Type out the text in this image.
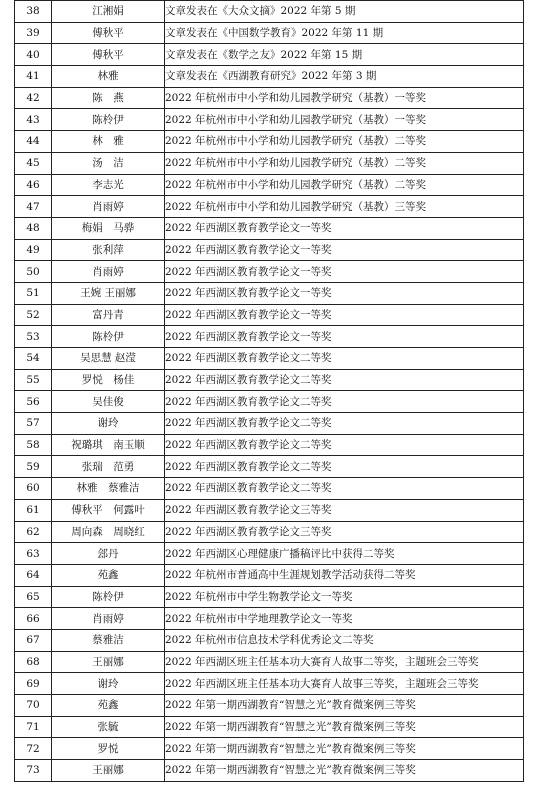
38	江湘娟	文章发表在《大众文摘》2022 年第 5 期
39	傅秋平	文章发表在《中国数学教育》2022 年第 11 期
40	傅秋平	文章发表在《数学之友》2022 年第 15 期
41	林雅	文章发表在《西湖教育研究》2022 年第 3 期
42	陈　燕	2022 年杭州市中小学和幼儿园教学研究（基教）一等奖
43	陈柃伊	2022 年杭州市中小学和幼儿园教学研究（基教）一等奖
44	林　雅	2022 年杭州市中小学和幼儿园教学研究（基教）二等奖
45	汤　洁	2022 年杭州市中小学和幼儿园教学研究（基教）二等奖
46	李志光	2022 年杭州市中小学和幼儿园教学研究（基教）二等奖
47	肖雨婷	2022 年杭州市中小学和幼儿园教学研究（基教）三等奖
48	梅娟　马骅	2022 年西湖区教育教学论文一等奖
49	张利萍	2022 年西湖区教育教学论文一等奖
50	肖雨婷	2022 年西湖区教育教学论文一等奖
51	王婉 王丽娜	2022 年西湖区教育教学论文一等奖
52	富丹青	2022 年西湖区教育教学论文一等奖
53	陈柃伊	2022 年西湖区教育教学论文一等奖
54	吴思慧 赵滢	2022 年西湖区教育教学论文二等奖
55	罗悦　杨佳	2022 年西湖区教育教学论文二等奖
56	吴佳俊	2022 年西湖区教育教学论文二等奖
57	谢玲	2022 年西湖区教育教学论文二等奖
58	祝璐琪　南玉顺	2022 年西湖区教育教学论文二等奖
59	张瑞　范勇	2022 年西湖区教育教学论文二等奖
60	林雅　蔡雅洁	2022 年西湖区教育教学论文二等奖
61	傅秋平　何露叶	2022 年西湖区教育教学论文三等奖
62	周向森　周晓红	2022 年西湖区教育教学论文三等奖
63	郐丹	2022 年西湖区心理健康广播稿评比中获得二等奖
64	苑鑫	2022 年杭州市普通高中生涯规划教学活动获得二等奖
65	陈柃伊	2022 年杭州市中学生物教学论文一等奖
66	肖雨婷	2022 年杭州市中学地理教学论文一等奖
67	蔡雅洁	2022 年杭州市信息技术学科优秀论文二等奖
68	王丽娜	2022 年西湖区班主任基本功大赛育人故事二等奖，主题班会三等奖
69	谢玲	2022 年西湖区班主任基本功大赛育人故事三等奖，主题班会三等奖
70	苑鑫	2022 年第一期西湖教育“智慧之光”教育微案例三等奖
71	张毓	2022 年第一期西湖教育“智慧之光”教育微案例三等奖
72	罗悦	2022 年第一期西湖教育“智慧之光”教育微案例三等奖
73	王丽娜	2022 年第一期西湖教育“智慧之光”教育微案例三等奖
